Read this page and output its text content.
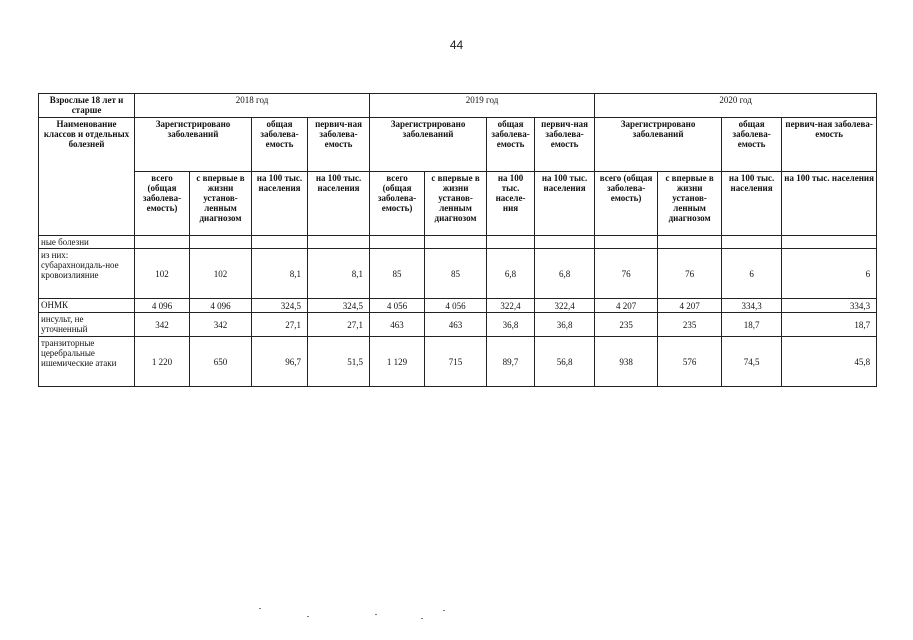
44
Взрослые 18 лет и старше	2018 год				2019 год				2020 год			
Наименование классов и отдельных болезней	Зарегистрировано заболеваний		общая заболева-емость	первич-ная заболева-емость	Зарегистрировано заболеваний		общая заболева-емость	первич-ная заболева-емость	Зарегистрировано заболеваний		общая заболева-емость	первич-ная заболева-емость
	всего (общая заболева-емость)	с впервые в жизни установ-ленным диагнозом	на 100 тыс. населения	на 100 тыс. населения	всего (общая заболева-емость)	с впервые в жизни установ-ленным диагнозом	на 100 тыс. населе-ния	на 100 тыс. населения	всего (общая заболева-емость)	с впервые в жизни установ-ленным диагнозом	на 100 тыс. населения	на 100 тыс. населения
ные болезни												
из них: субарахноидаль-ное кровоизлияние	102	102	8,1	8,1	85	85	6,8	6,8	76	76	6	6
ОНМК	4 096	4 096	324,5	324,5	4 056	4 056	322,4	322,4	4 207	4 207	334,3	334,3
инсульт, не уточненный	342	342	27,1	27,1	463	463	36,8	36,8	235	235	18,7	18,7
транзиторные церебральные ишемические атаки	1 220	650	96,7	51,5	1 129	715	89,7	56,8	938	576	74,5	45,8
